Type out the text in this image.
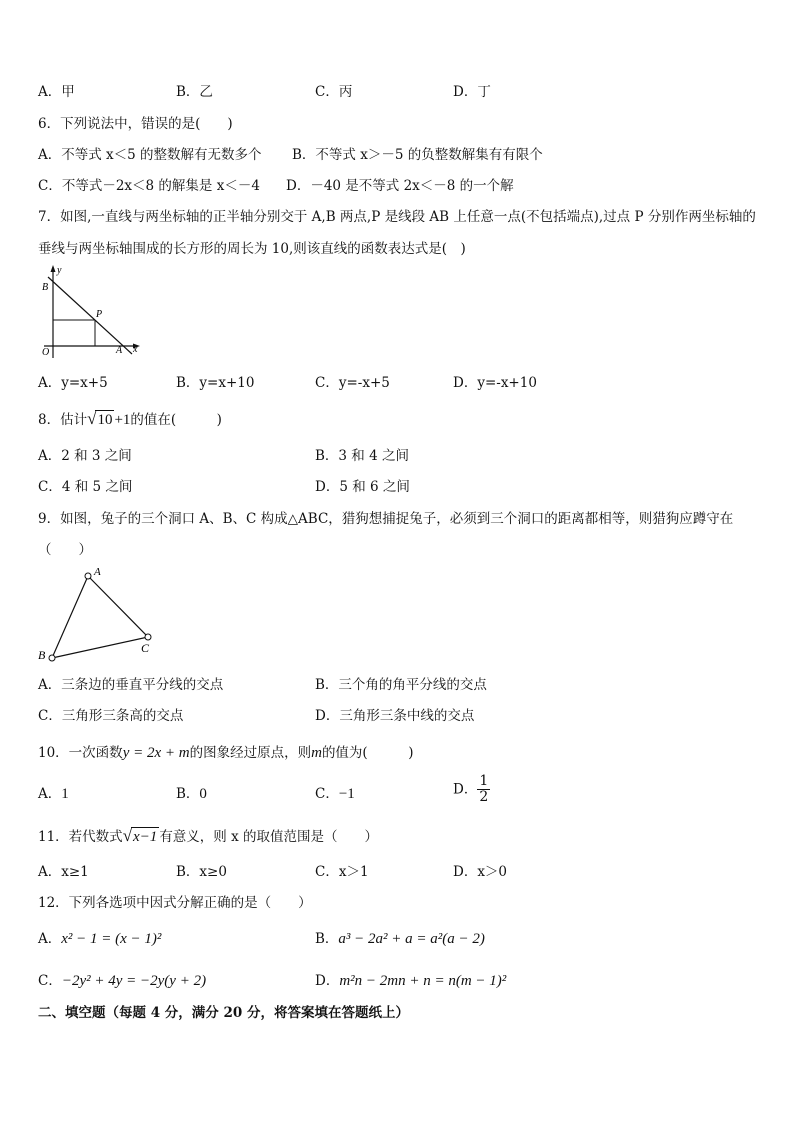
A．甲	B．乙	C．丙	D．丁
6．下列说法中，错误的是(　　)
A．不等式 x＜5 的整数解有无数多个 B．不等式 x＞－5 的负整数解集有有限个
C．不等式－2x＜8 的解集是 x＜－4 D．－40 是不等式 2x＜－8 的一个解
7．如图,一直线与两坐标轴的正半轴分别交于 A,B 两点,P 是线段 AB 上任意一点(不包括端点),过点 P 分别作两坐标轴的
垂线与两坐标轴围成的长方形的周长为 10,则该直线的函数表达式是(　)
y
x
B
P
O	A
A．y=x+5	B．y=x+10	C．y=-x+5	D．y=-x+10
8．估计√10 +1的值在(　　　)
A．2 和 3 之间	B．3 和 4 之间
C．4 和 5 之间	D．5 和 6 之间
9．如图，兔子的三个洞口 A、B、C 构成△ABC，猎狗想捕捉兔子，必须到三个洞口的距离都相等，则猎狗应蹲守在
（　　）
A
B	C
A．三条边的垂直平分线的交点	B．三个角的角平分线的交点
C．三角形三条高的交点	D．三角形三条中线的交点
10．一次函数y = 2x + m的图象经过原点，则m的值为(　　　)
A．1	B．0	C．−1	D． $\frac{1}{2}$
11．若代数式√x−1 有意义，则 x 的取值范围是（　　）
A．x≥1	B．x≥0	C．x＞1	D．x＞0
12．下列各选项中因式分解正确的是（　　）
A．x² − 1 = (x − 1)²	B．a³ − 2a² + a = a²(a − 2)
C．−2y² + 4y = −2y(y + 2)	D．m²n − 2mn + n = n(m − 1)²
二、填空题（每题 4 分，满分 20 分，将答案填在答题纸上）
